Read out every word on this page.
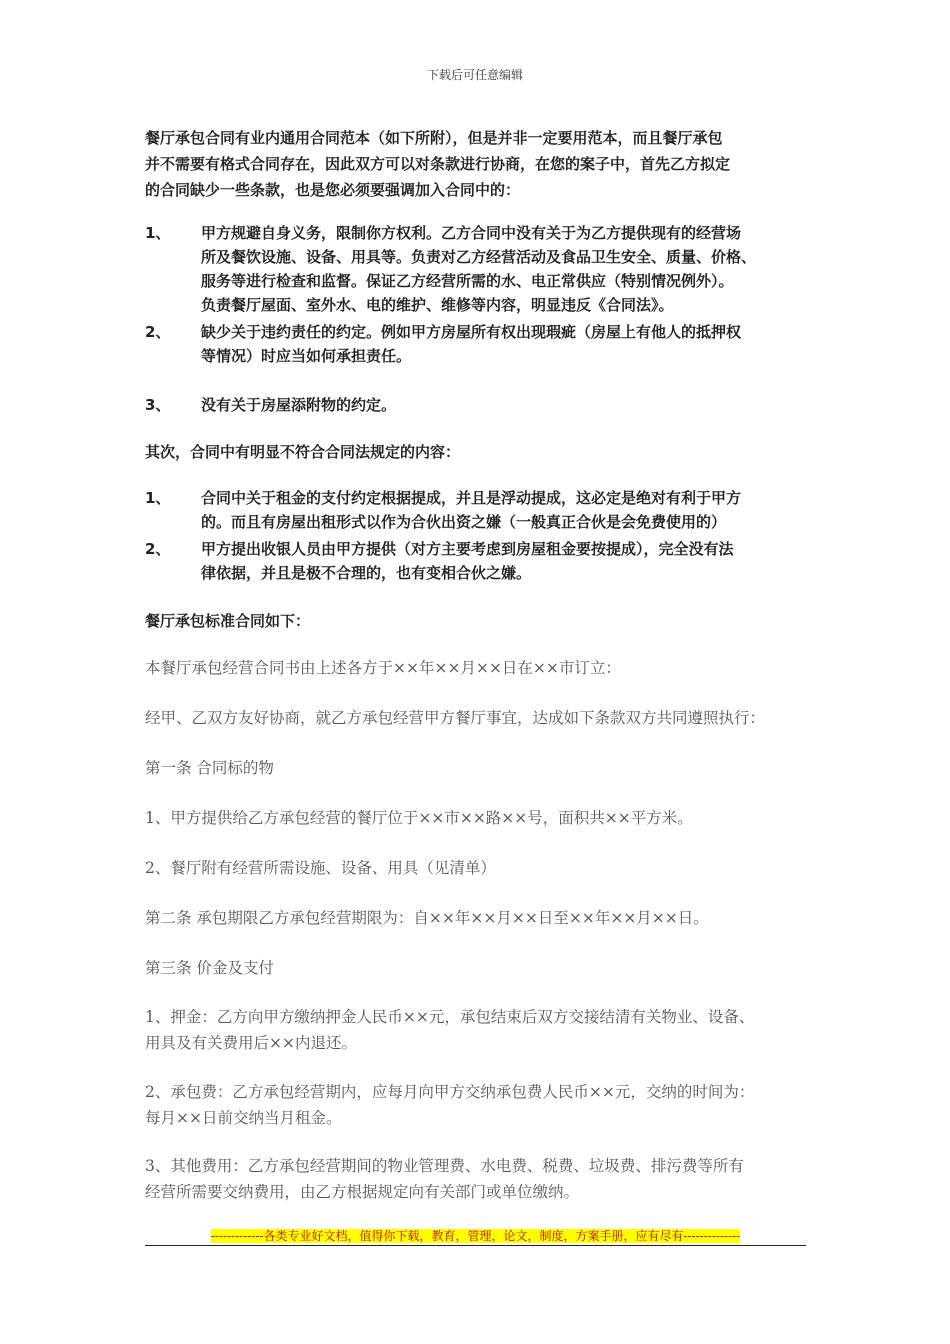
下载后可任意编辑
餐厅承包合同有业内通用合同范本（如下所附），但是并非一定要用范本，而且餐厅承包
并不需要有格式合同存在，因此双方可以对条款进行协商，在您的案子中，首先乙方拟定
的合同缺少一些条款，也是您必须要强调加入合同中的：
1、	甲方规避自身义务，限制你方权利。乙方合同中没有关于为乙方提供现有的经营场
所及餐饮设施、设备、用具等。负责对乙方经营活动及食品卫生安全、质量、价格、
服务等进行检查和监督。保证乙方经营所需的水、电正常供应（特别情况例外）。
负责餐厅屋面、室外水、电的维护、维修等内容，明显违反《合同法》。
2、	缺少关于违约责任的约定。例如甲方房屋所有权出现瑕疵（房屋上有他人的抵押权
等情况）时应当如何承担责任。
3、	没有关于房屋添附物的约定。
其次，合同中有明显不符合合同法规定的内容：
1、	合同中关于租金的支付约定根据提成，并且是浮动提成，这必定是绝对有利于甲方
的。而且有房屋出租形式以作为合伙出资之嫌（一般真正合伙是会免费使用的）
2、	甲方提出收银人员由甲方提供（对方主要考虑到房屋租金要按提成），完全没有法
律依据，并且是极不合理的，也有变相合伙之嫌。
餐厅承包标准合同如下：
本餐厅承包经营合同书由上述各方于××年××月××日在××市订立：
经甲、乙双方友好协商，就乙方承包经营甲方餐厅事宜，达成如下条款双方共同遵照执行：
第一条 合同标的物
1、甲方提供给乙方承包经营的餐厅位于××市××路××号，面积共××平方米。
2、餐厅附有经营所需设施、设备、用具（见清单）
第二条 承包期限乙方承包经营期限为：自××年××月××日至××年××月××日。
第三条 价金及支付
1、押金：乙方向甲方缴纳押金人民币××元，承包结束后双方交接结清有关物业、设备、
用具及有关费用后××内退还。
2、承包费：乙方承包经营期内，应每月向甲方交纳承包费人民币××元，交纳的时间为：
每月××日前交纳当月租金。
3、其他费用：乙方承包经营期间的物业管理费、水电费、税费、垃圾费、排污费等所有
经营所需要交纳费用，由乙方根据规定向有关部门或单位缴纳。
-------------各类专业好文档，值得你下载，教育，管理，论文，制度，方案手册，应有尽有--------------
